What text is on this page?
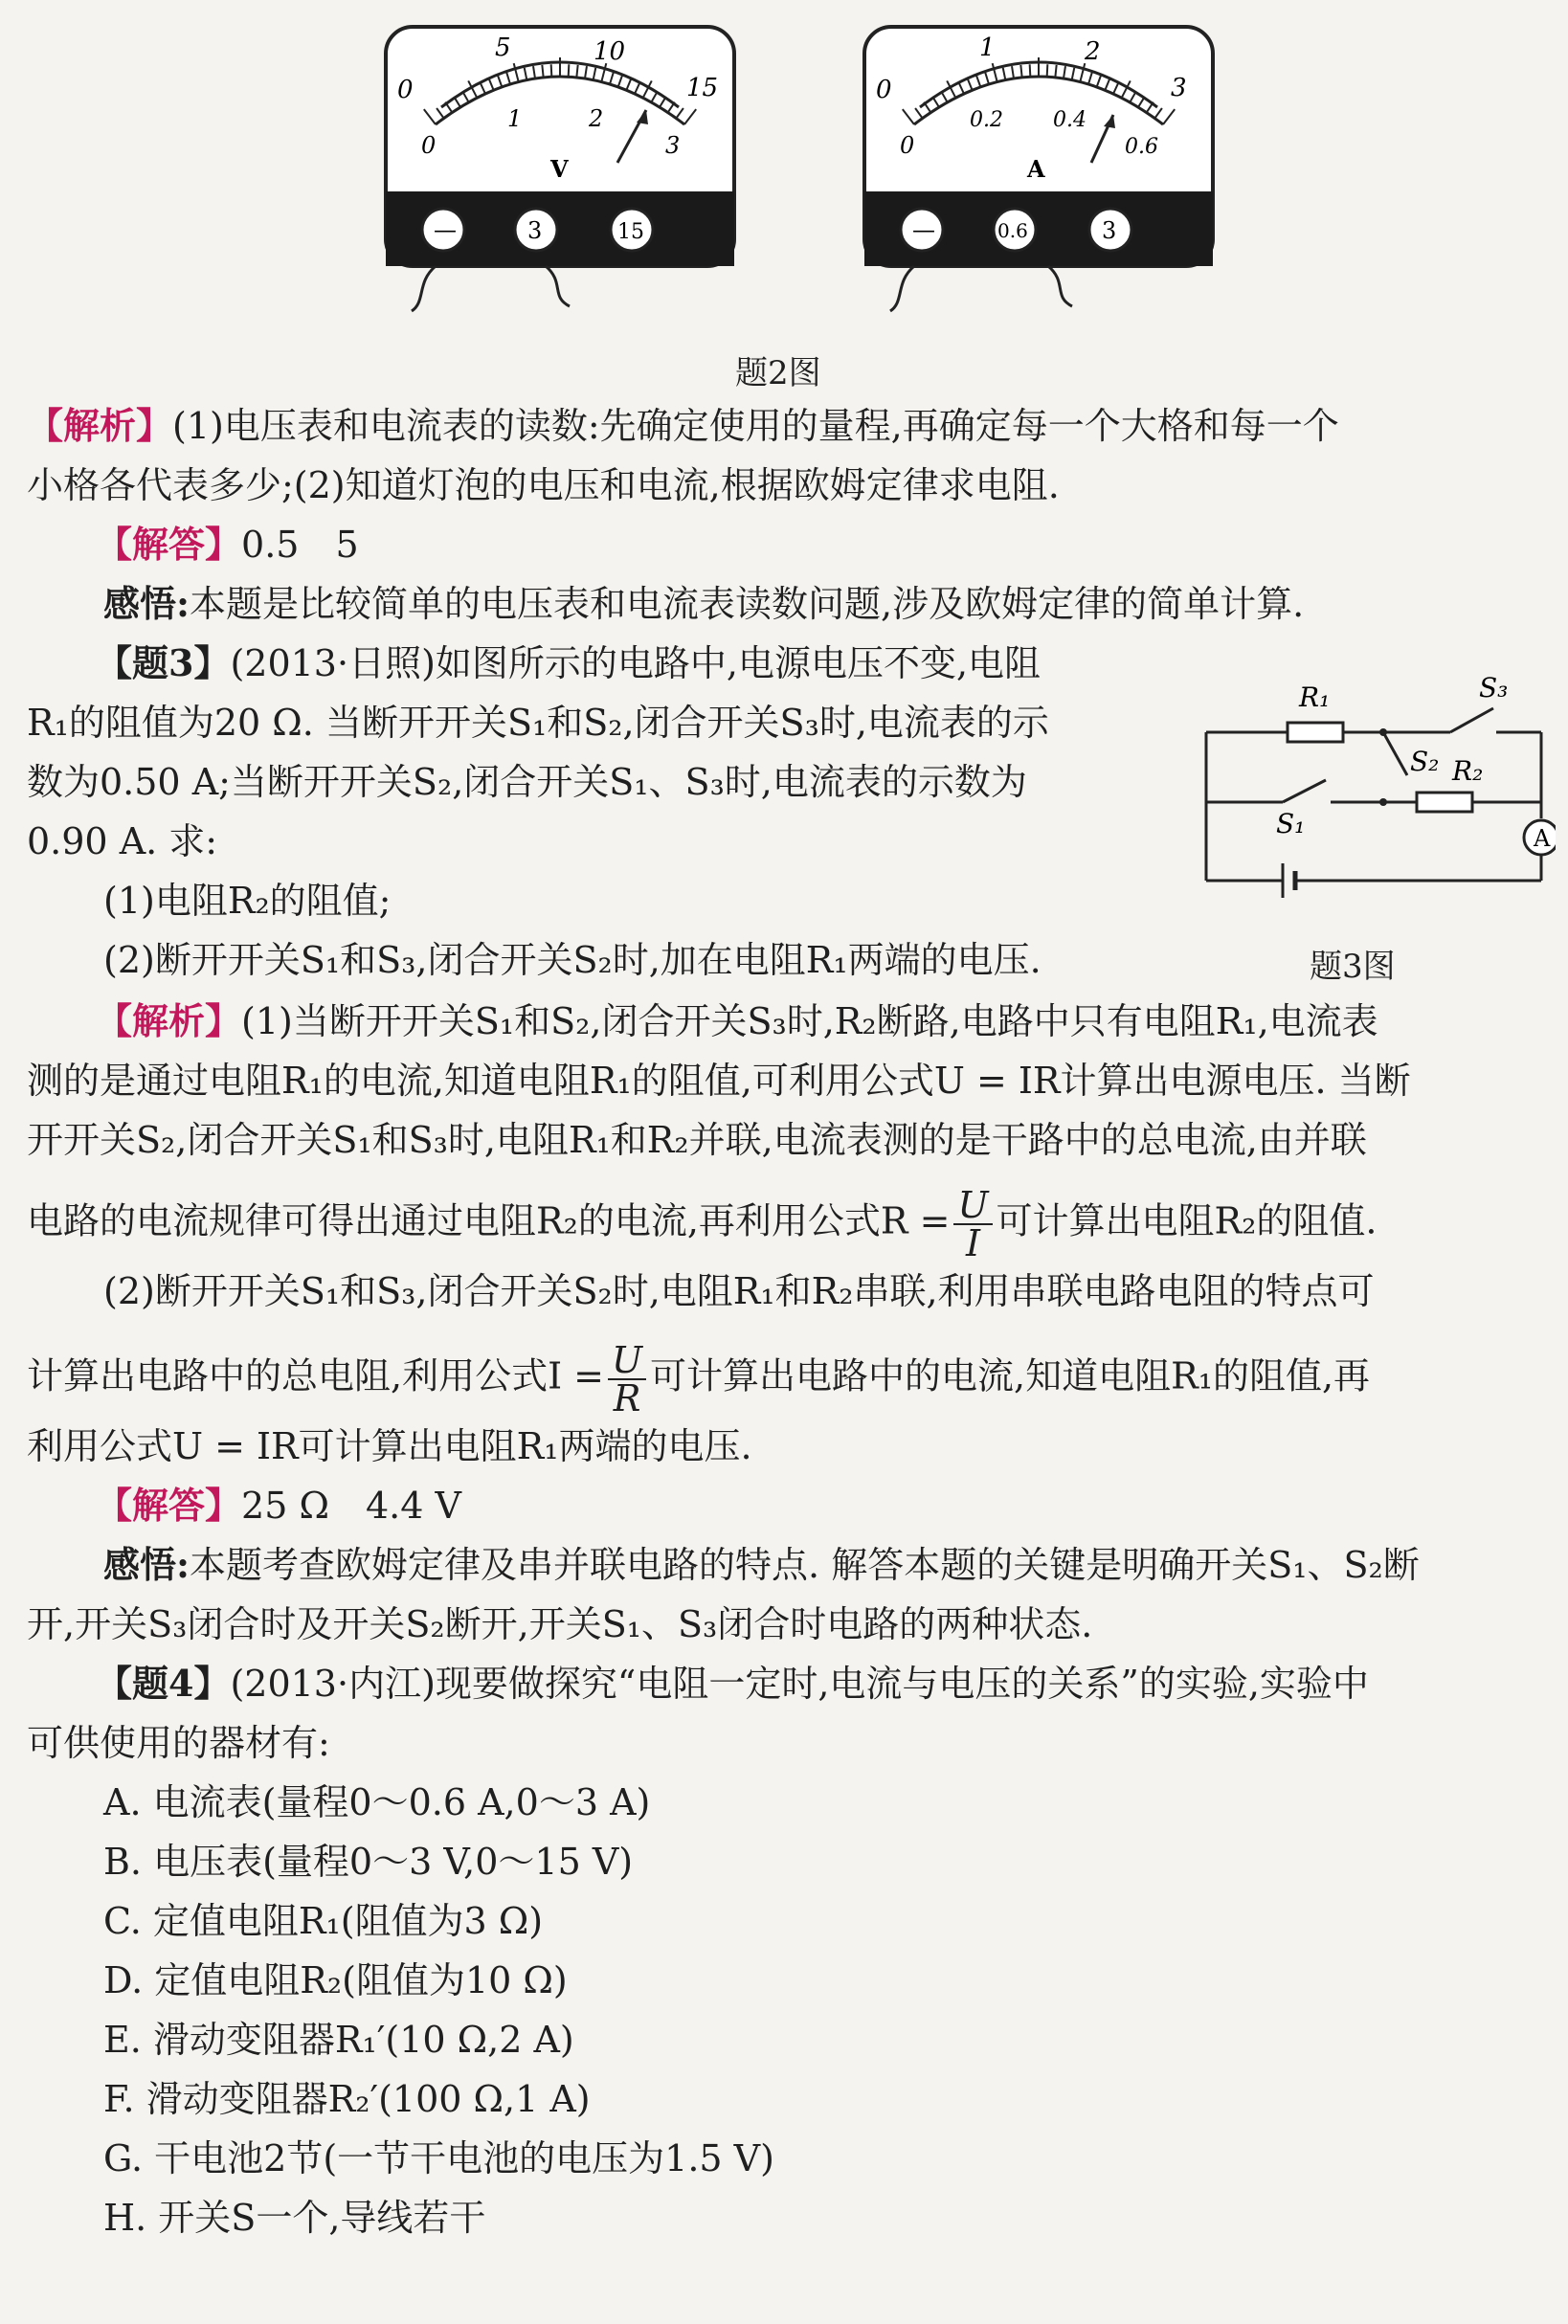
0
5	10
15
0
1	2
3
V
—	3	15
0
1	2
3
0
0.2 0.4
0.6
A
—	0.6	3
题2图
【解析】(1)电压表和电流表的读数:先确定使用的量程,再确定每一个大格和每一个
小格各代表多少;(2)知道灯泡的电压和电流,根据欧姆定律求电阻.
【解答】0.5　5
感悟:本题是比较简单的电压表和电流表读数问题,涉及欧姆定律的简单计算.
【题3】(2013·日照)如图所示的电路中,电源电压不变,电阻
R₁的阻值为20 Ω. 当断开开关S₁和S₂,闭合开关S₃时,电流表的示
数为0.50 A;当断开开关S₂,闭合开关S₁、S₃时,电流表的示数为
0.90 A. 求:
(1)电阻R₂的阻值;
(2)断开开关S₁和S₃,闭合开关S₂时,加在电阻R₁两端的电压.
R₁	S₃
S₂ R₂
S₁	A
题3图
【解析】(1)当断开开关S₁和S₂,闭合开关S₃时,R₂断路,电路中只有电阻R₁,电流表
测的是通过电阻R₁的电流,知道电阻R₁的阻值,可利用公式U = IR计算出电源电压. 当断
开开关S₂,闭合开关S₁和S₃时,电阻R₁和R₂并联,电流表测的是干路中的总电流,由并联
电路的电流规律可得出通过电阻R₂的电流,再利用公式$R = \frac{U}{I}$ 可计算出电阻R₂的阻值.
(2)断开开关S₁和S₃,闭合开关S₂时,电阻R₁和R₂串联,利用串联电路电阻的特点可
计算出电路中的总电阻,利用公式$I = \frac{U}{R}$ 可计算出电路中的电流,知道电阻R₁的阻值,再
利用公式U = IR可计算出电阻R₁两端的电压.
【解答】25 Ω　4.4 V
感悟:本题考查欧姆定律及串并联电路的特点. 解答本题的关键是明确开关S₁、S₂断
开,开关S₃闭合时及开关S₂断开,开关S₁、S₃闭合时电路的两种状态.
【题4】(2013·内江)现要做探究“电阻一定时,电流与电压的关系”的实验,实验中
可供使用的器材有:
A. 电流表(量程0～0.6 A,0～3 A)
B. 电压表(量程0～3 V,0～15 V)
C. 定值电阻R₁(阻值为3 Ω)
D. 定值电阻R₂(阻值为10 Ω)
E. 滑动变阻器R₁′(10 Ω,2 A)
F. 滑动变阻器R₂′(100 Ω,1 A)
G. 干电池2节(一节干电池的电压为1.5 V)
H. 开关S一个,导线若干
